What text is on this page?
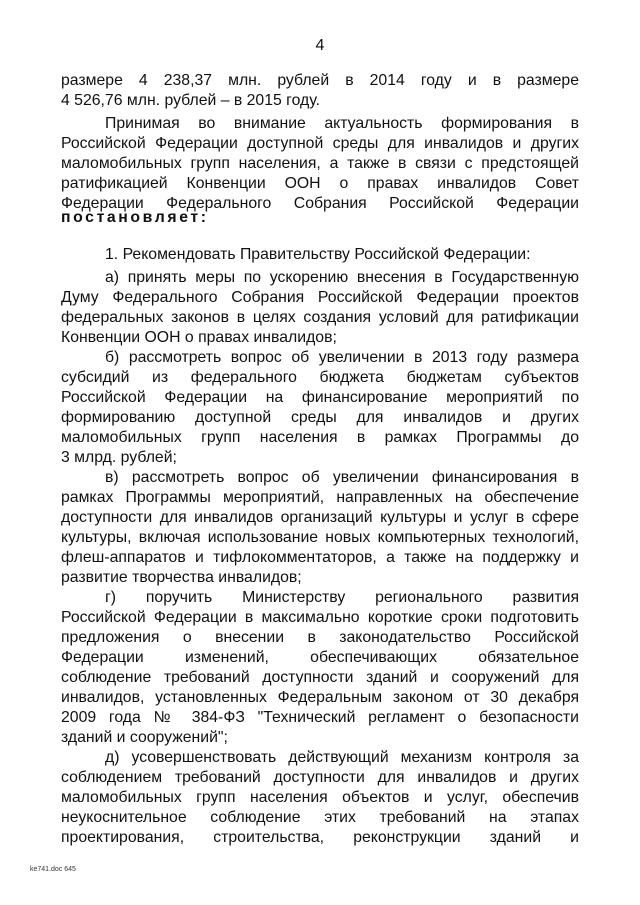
4
размере 4 238,37 млн. рублей в 2014 году и в размере
4 526,76 млн. рублей – в 2015 году.
Принимая во внимание актуальность формирования в
Российской Федерации доступной среды для инвалидов и других
маломобильных групп населения, а также в связи с предстоящей
ратификацией Конвенции ООН о правах инвалидов Совет
Федерации Федерального Собрания Российской Федерации
постановляет:
1. Рекомендовать Правительству Российской Федерации:
а) принять меры по ускорению внесения в Государственную
Думу Федерального Собрания Российской Федерации проектов
федеральных законов в целях создания условий для ратификации
Конвенции ООН о правах инвалидов;
б) рассмотреть вопрос об увеличении в 2013 году размера
субсидий из федерального бюджета бюджетам субъектов
Российской Федерации на финансирование мероприятий по
формированию доступной среды для инвалидов и других
маломобильных групп населения в рамках Программы до
3 млрд. рублей;
в) рассмотреть вопрос об увеличении финансирования в
рамках Программы мероприятий, направленных на обеспечение
доступности для инвалидов организаций культуры и услуг в сфере
культуры, включая использование новых компьютерных технологий,
флеш-аппаратов и тифлокомментаторов, а также на поддержку и
развитие творчества инвалидов;
г) поручить Министерству регионального развития
Российской Федерации в максимально короткие сроки подготовить
предложения о внесении в законодательство Российской
Федерации изменений, обеспечивающих обязательное
соблюдение требований доступности зданий и сооружений для
инвалидов, установленных Федеральным законом от 30 декабря
2009 года № 384-ФЗ "Технический регламент о безопасности
зданий и сооружений";
д) усовершенствовать действующий механизм контроля за
соблюдением требований доступности для инвалидов и других
маломобильных групп населения объектов и услуг, обеспечив
неукоснительное соблюдение этих требований на этапах
проектирования, строительства, реконструкции зданий и
ke741.doc 645
